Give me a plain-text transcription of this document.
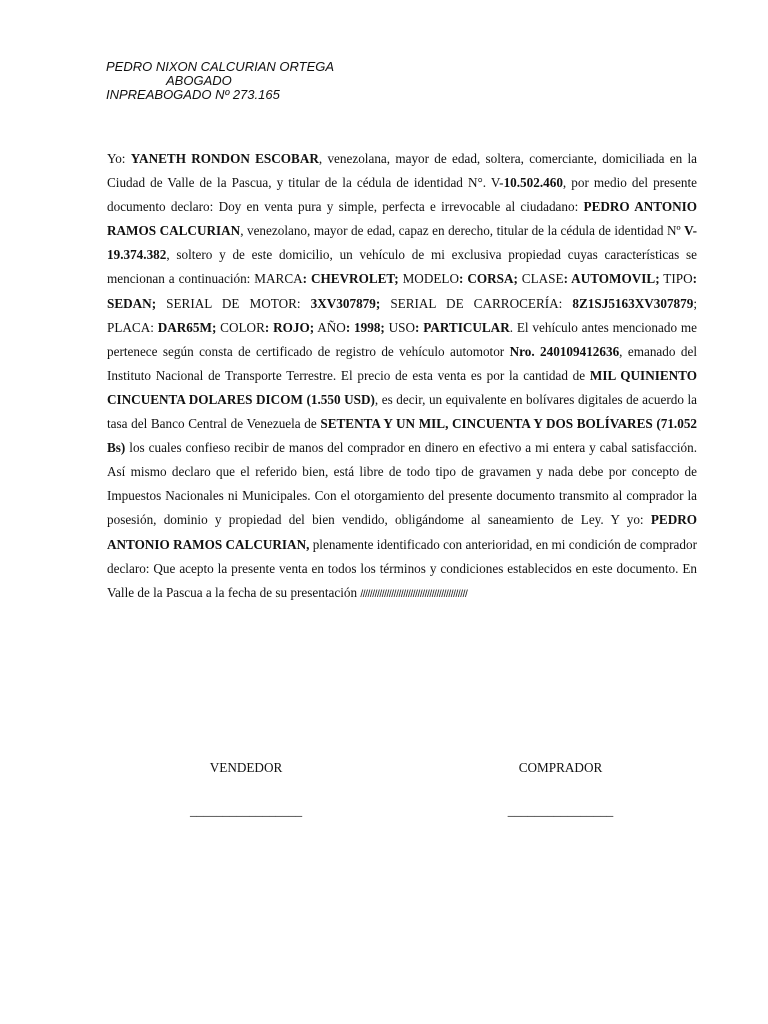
PEDRO NIXON CALCURIAN ORTEGA
ABOGADO
INPREABOGADO Nº 273.165
Yo: YANETH RONDON ESCOBAR, venezolana, mayor de edad, soltera, comerciante, domiciliada en la Ciudad de Valle de la Pascua, y titular de la cédula de identidad N°. V-10.502.460, por medio del presente documento declaro: Doy en venta pura y simple, perfecta e irrevocable al ciudadano: PEDRO ANTONIO RAMOS CALCURIAN, venezolano, mayor de edad, capaz en derecho, titular de la cédula de identidad Nº V-19.374.382, soltero y de este domicilio, un vehículo de mi exclusiva propiedad cuyas características se mencionan a continuación: MARCA: CHEVROLET; MODELO: CORSA; CLASE: AUTOMOVIL; TIPO: SEDAN; SERIAL DE MOTOR: 3XV307879; SERIAL DE CARROCERÍA: 8Z1SJ5163XV307879;     PLACA: DAR65M; COLOR: ROJO; AÑO: 1998; USO: PARTICULAR. El vehículo antes mencionado me pertenece según consta de certificado de registro de vehículo automotor Nro. 240109412636, emanado del Instituto Nacional de Transporte Terrestre. El precio de esta venta es por la cantidad de MIL QUINIENTO CINCUENTA DOLARES DICOM (1.550 USD), es decir, un equivalente en bolívares digitales de acuerdo la tasa del Banco Central de Venezuela de SETENTA Y UN MIL, CINCUENTA Y DOS BOLÍVARES (71.052 Bs) los cuales confieso recibir de manos del comprador en dinero en efectivo a mi entera y cabal satisfacción. Así mismo declaro que el referido bien, está libre de todo tipo de gravamen y nada debe por concepto de Impuestos Nacionales ni Municipales. Con el otorgamiento del presente documento transmito al comprador la posesión, dominio y propiedad del bien vendido, obligándome al saneamiento de Ley. Y yo: PEDRO ANTONIO RAMOS CALCURIAN, plenamente identificado con anterioridad, en mi condición de comprador declaro: Que acepto la presente venta en todos los términos y condiciones establecidos en este documento. En Valle de la Pascua a la fecha de su presentación /////////////////////////////////////////////
VENDEDOR
_________________
COMPRADOR
________________
